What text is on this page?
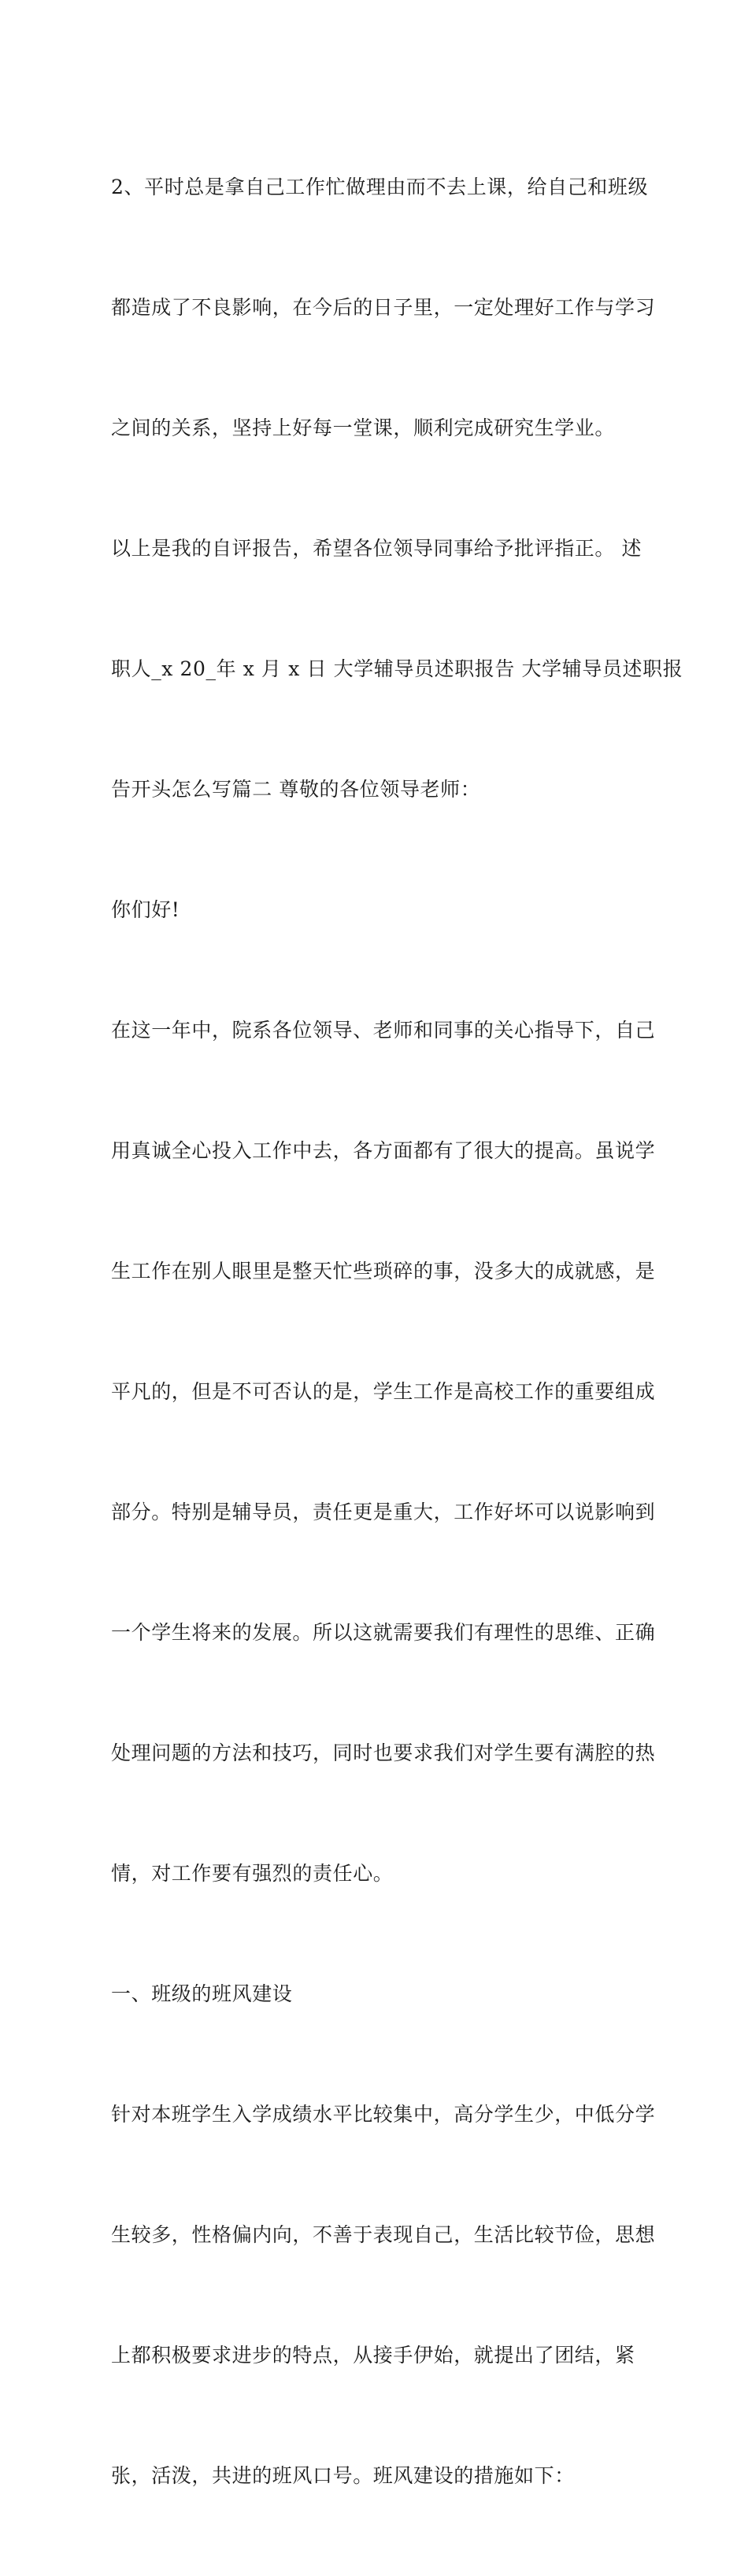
2、平时总是拿自己工作忙做理由而不去上课，给自己和班级

都造成了不良影响，在今后的日子里，一定处理好工作与学习

之间的关系，坚持上好每一堂课，顺利完成研究生学业。

以上是我的自评报告，希望各位领导同事给予批评指正。 述

职人_x 20_年 x 月 x 日 大学辅导员述职报告 大学辅导员述职报

告开头怎么写篇二 尊敬的各位领导老师：

你们好!

在这一年中，院系各位领导、老师和同事的关心指导下，自己

用真诚全心投入工作中去，各方面都有了很大的提高。虽说学

生工作在别人眼里是整天忙些琐碎的事，没多大的成就感，是

平凡的，但是不可否认的是，学生工作是高校工作的重要组成

部分。特别是辅导员，责任更是重大，工作好坏可以说影响到

一个学生将来的发展。所以这就需要我们有理性的思维、正确

处理问题的方法和技巧，同时也要求我们对学生要有满腔的热

情，对工作要有强烈的责任心。

一、班级的班风建设

针对本班学生入学成绩水平比较集中，高分学生少，中低分学

生较多，性格偏内向，不善于表现自己，生活比较节俭，思想

上都积极要求进步的特点，从接手伊始，就提出了团结，紧

张，活泼，共进的班风口号。班风建设的措施如下：
